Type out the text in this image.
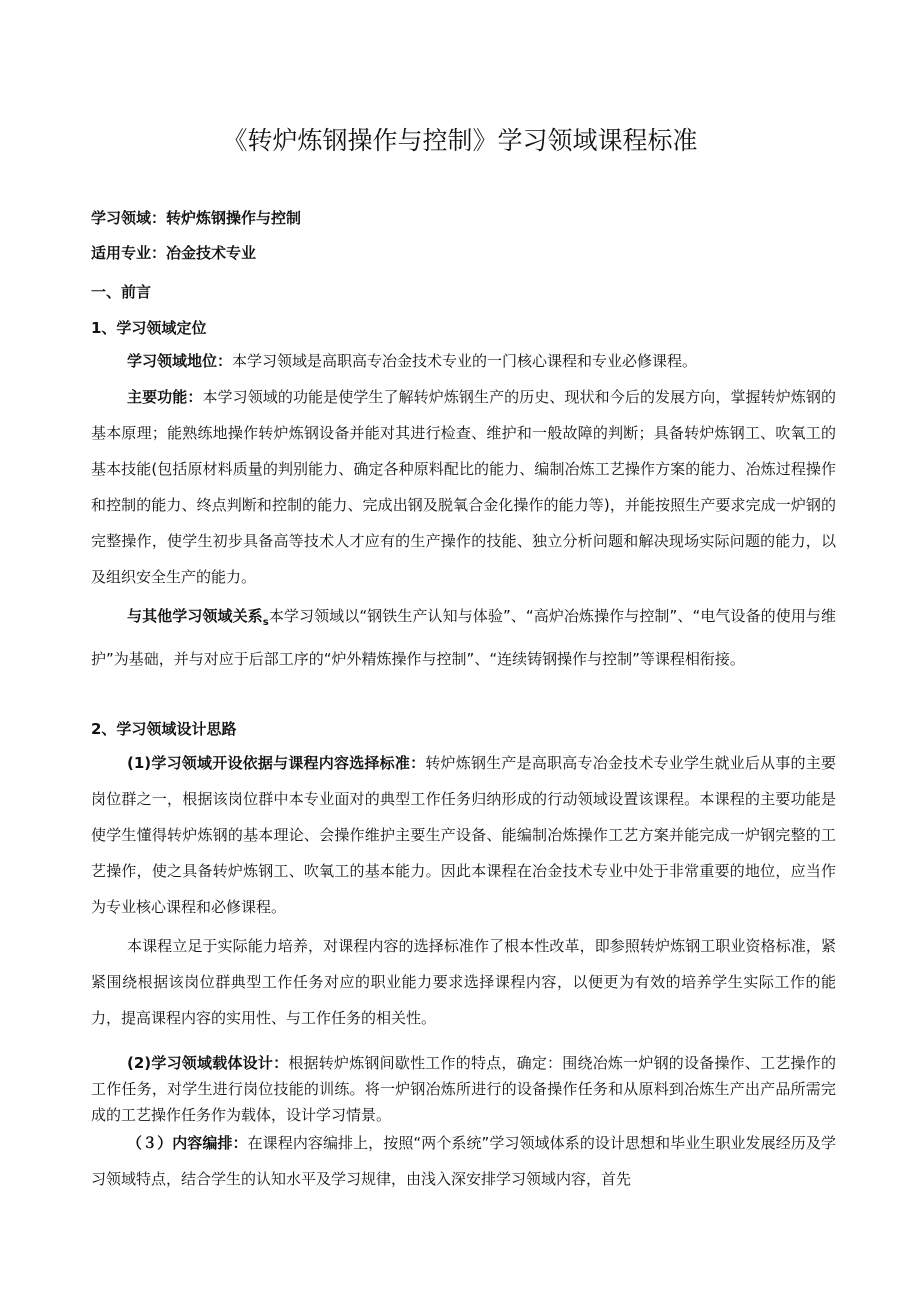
《转炉炼钢操作与控制》学习领域课程标准
学习领域：转炉炼钢操作与控制
适用专业：冶金技术专业
一、前言
1、学习领域定位

学习领域地位：本学习领域是高职高专冶金技术专业的一门核心课程和专业必修课程。

主要功能：本学习领域的功能是使学生了解转炉炼钢生产的历史、现状和今后的发展方向，掌握转炉炼钢的基本原理；能熟练地操作转炉炼钢设备并能对其进行检查、维护和一般故障的判断；具备转炉炼钢工、吹氧工的基本技能(包括原材料质量的判别能力、确定各种原料配比的能力、编制冶炼工艺操作方案的能力、冶炼过程操作和控制的能力、终点判断和控制的能力、完成出钢及脱氧合金化操作的能力等)，并能按照生产要求完成一炉钢的完整操作，使学生初步具备高等技术人才应有的生产操作的技能、独立分析问题和解决现场实际问题的能力，以及组织安全生产的能力。

与其他学习领域关系$_s$本学习领域以“钢铁生产认知与体验”、“高炉冶炼操作与控制”、“电气设备的使用与维护”为基础，并与对应于后部工序的“炉外精炼操作与控制”、“连续铸钢操作与控制”等课程相衔接。

2、学习领域设计思路

(1)学习领域开设依据与课程内容选择标准：转炉炼钢生产是高职高专冶金技术专业学生就业后从事的主要岗位群之一，根据该岗位群中本专业面对的典型工作任务归纳形成的行动领域设置该课程。本课程的主要功能是使学生懂得转炉炼钢的基本理论、会操作维护主要生产设备、能编制冶炼操作工艺方案并能完成一炉钢完整的工艺操作，使之具备转炉炼钢工、吹氧工的基本能力。因此本课程在冶金技术专业中处于非常重要的地位，应当作为专业核心课程和必修课程。

本课程立足于实际能力培养，对课程内容的选择标准作了根本性改革，即参照转炉炼钢工职业资格标准，紧紧围绕根据该岗位群典型工作任务对应的职业能力要求选择课程内容，以便更为有效的培养学生实际工作的能力，提高课程内容的实用性、与工作任务的相关性。

(2)学习领域载体设计：根据转炉炼钢间歇性工作的特点，确定：围绕冶炼一炉钢的设备操作、工艺操作的工作任务，对学生进行岗位技能的训练。将一炉钢冶炼所进行的设备操作任务和从原料到冶炼生产出产品所需完成的工艺操作任务作为载体，设计学习情景。

（３）内容编排：在课程内容编排上，按照“两个系统”学习领域体系的设计思想和毕业生职业发展经历及学习领域特点，结合学生的认知水平及学习规律，由浅入深安排学习领域内容，首先
